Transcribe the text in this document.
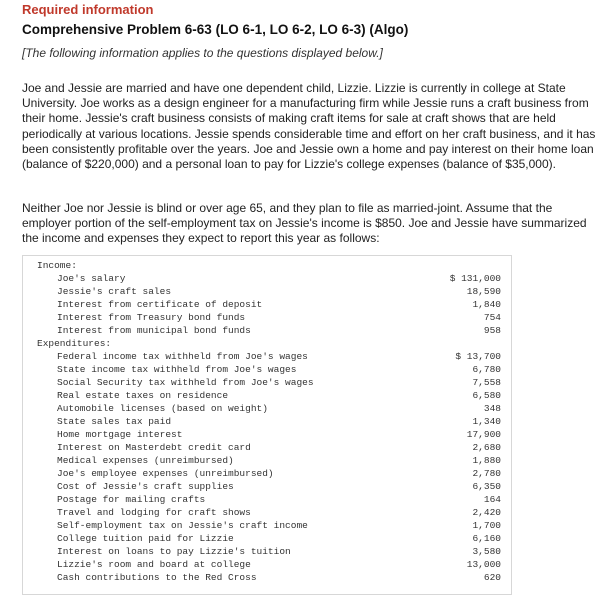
Required information
Comprehensive Problem 6-63 (LO 6-1, LO 6-2, LO 6-3) (Algo)
[The following information applies to the questions displayed below.]
Joe and Jessie are married and have one dependent child, Lizzie. Lizzie is currently in college at State University. Joe works as a design engineer for a manufacturing firm while Jessie runs a craft business from their home. Jessie's craft business consists of making craft items for sale at craft shows that are held periodically at various locations. Jessie spends considerable time and effort on her craft business, and it has been consistently profitable over the years. Joe and Jessie own a home and pay interest on their home loan (balance of $220,000) and a personal loan to pay for Lizzie's college expenses (balance of $35,000).
Neither Joe nor Jessie is blind or over age 65, and they plan to file as married-joint. Assume that the employer portion of the self-employment tax on Jessie's income is $850. Joe and Jessie have summarized the income and expenses they expect to report this year as follows:
Income:
Joe's salary	$ 131,000
Jessie's craft sales	18,590
Interest from certificate of deposit	1,840
Interest from Treasury bond funds	754
Interest from municipal bond funds	958
Expenditures:
Federal income tax withheld from Joe's wages	$ 13,700
State income tax withheld from Joe's wages	6,780
Social Security tax withheld from Joe's wages	7,558
Real estate taxes on residence	6,580
Automobile licenses (based on weight)	348
State sales tax paid	1,340
Home mortgage interest	17,900
Interest on Masterdebt credit card	2,680
Medical expenses (unreimbursed)	1,880
Joe's employee expenses (unreimbursed)	2,780
Cost of Jessie's craft supplies	6,350
Postage for mailing crafts	164
Travel and lodging for craft shows	2,420
Self-employment tax on Jessie's craft income	1,700
College tuition paid for Lizzie	6,160
Interest on loans to pay Lizzie's tuition	3,580
Lizzie's room and board at college	13,000
Cash contributions to the Red Cross	620
